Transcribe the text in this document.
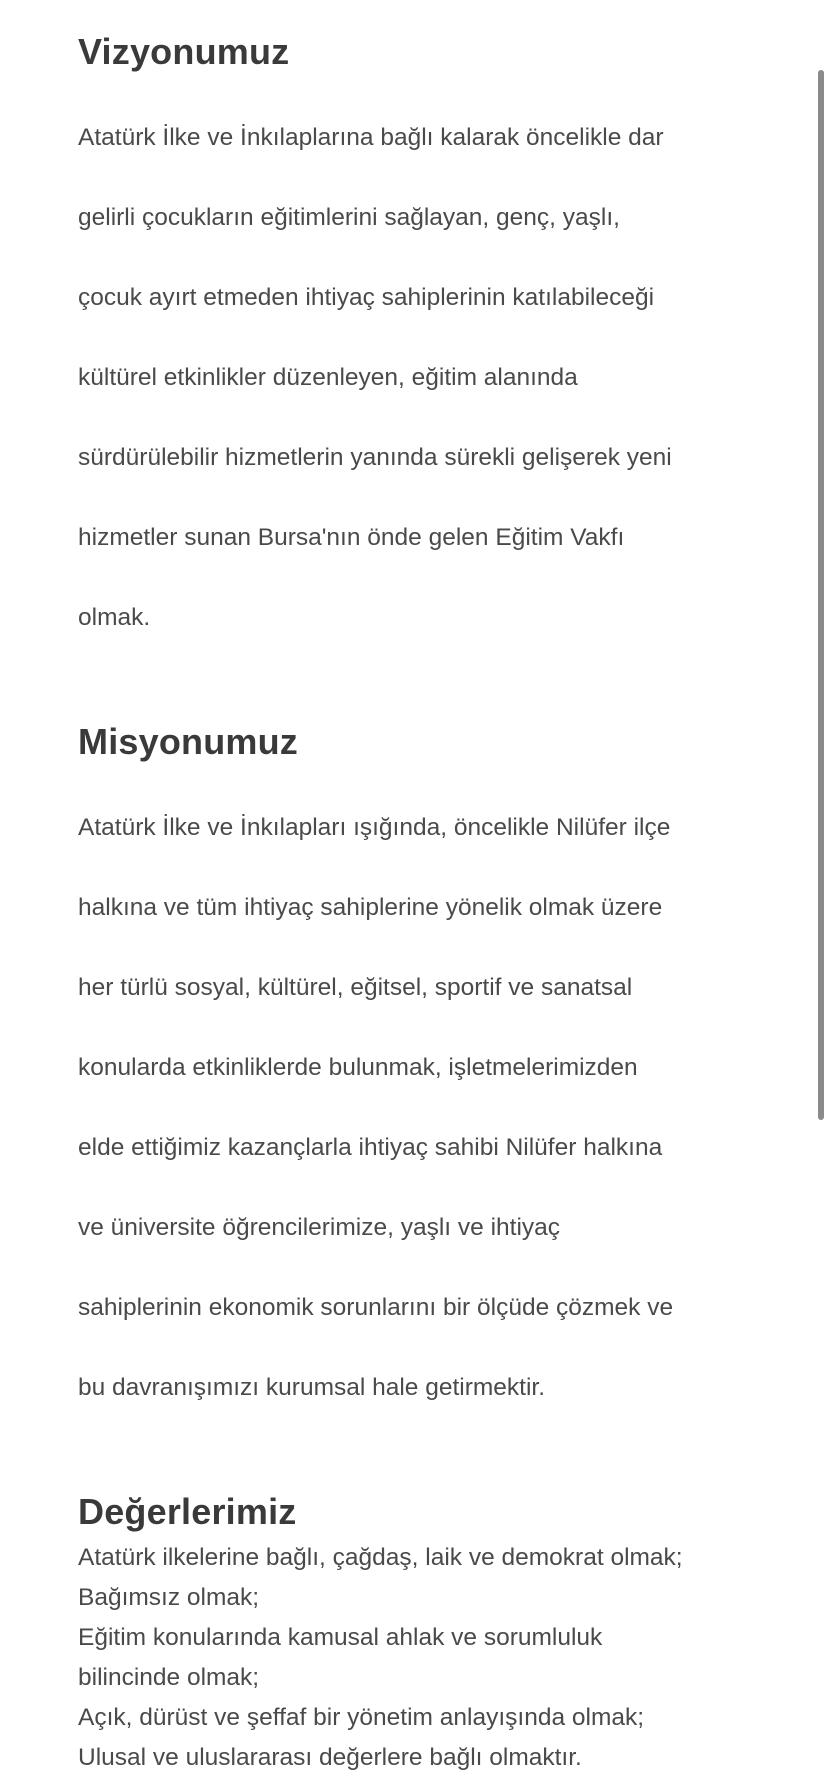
Vizyonumuz

Atatürk İlke ve İnkılaplarına bağlı kalarak öncelikle dar

gelirli çocukların eğitimlerini sağlayan, genç, yaşlı,

çocuk ayırt etmeden ihtiyaç sahiplerinin katılabileceği

kültürel etkinlikler düzenleyen, eğitim alanında

sürdürülebilir hizmetlerin yanında sürekli gelişerek yeni

hizmetler sunan Bursa'nın önde gelen Eğitim Vakfı

olmak.

Misyonumuz

Atatürk İlke ve İnkılapları ışığında, öncelikle Nilüfer ilçe

halkına ve tüm ihtiyaç sahiplerine yönelik olmak üzere

her türlü sosyal, kültürel, eğitsel, sportif ve sanatsal

konularda etkinliklerde bulunmak, işletmelerimizden

elde ettiğimiz kazançlarla ihtiyaç sahibi Nilüfer halkına

ve üniversite öğrencilerimize, yaşlı ve ihtiyaç

sahiplerinin ekonomik sorunlarını bir ölçüde çözmek ve

bu davranışımızı kurumsal hale getirmektir.

Değerlerimiz
Atatürk ilkelerine bağlı, çağdaş, laik ve demokrat olmak;
Bağımsız olmak;
Eğitim konularında kamusal ahlak ve sorumluluk
bilincinde olmak;
Açık, dürüst ve şeffaf bir yönetim anlayışında olmak;
Ulusal ve uluslararası değerlere bağlı olmaktır.
